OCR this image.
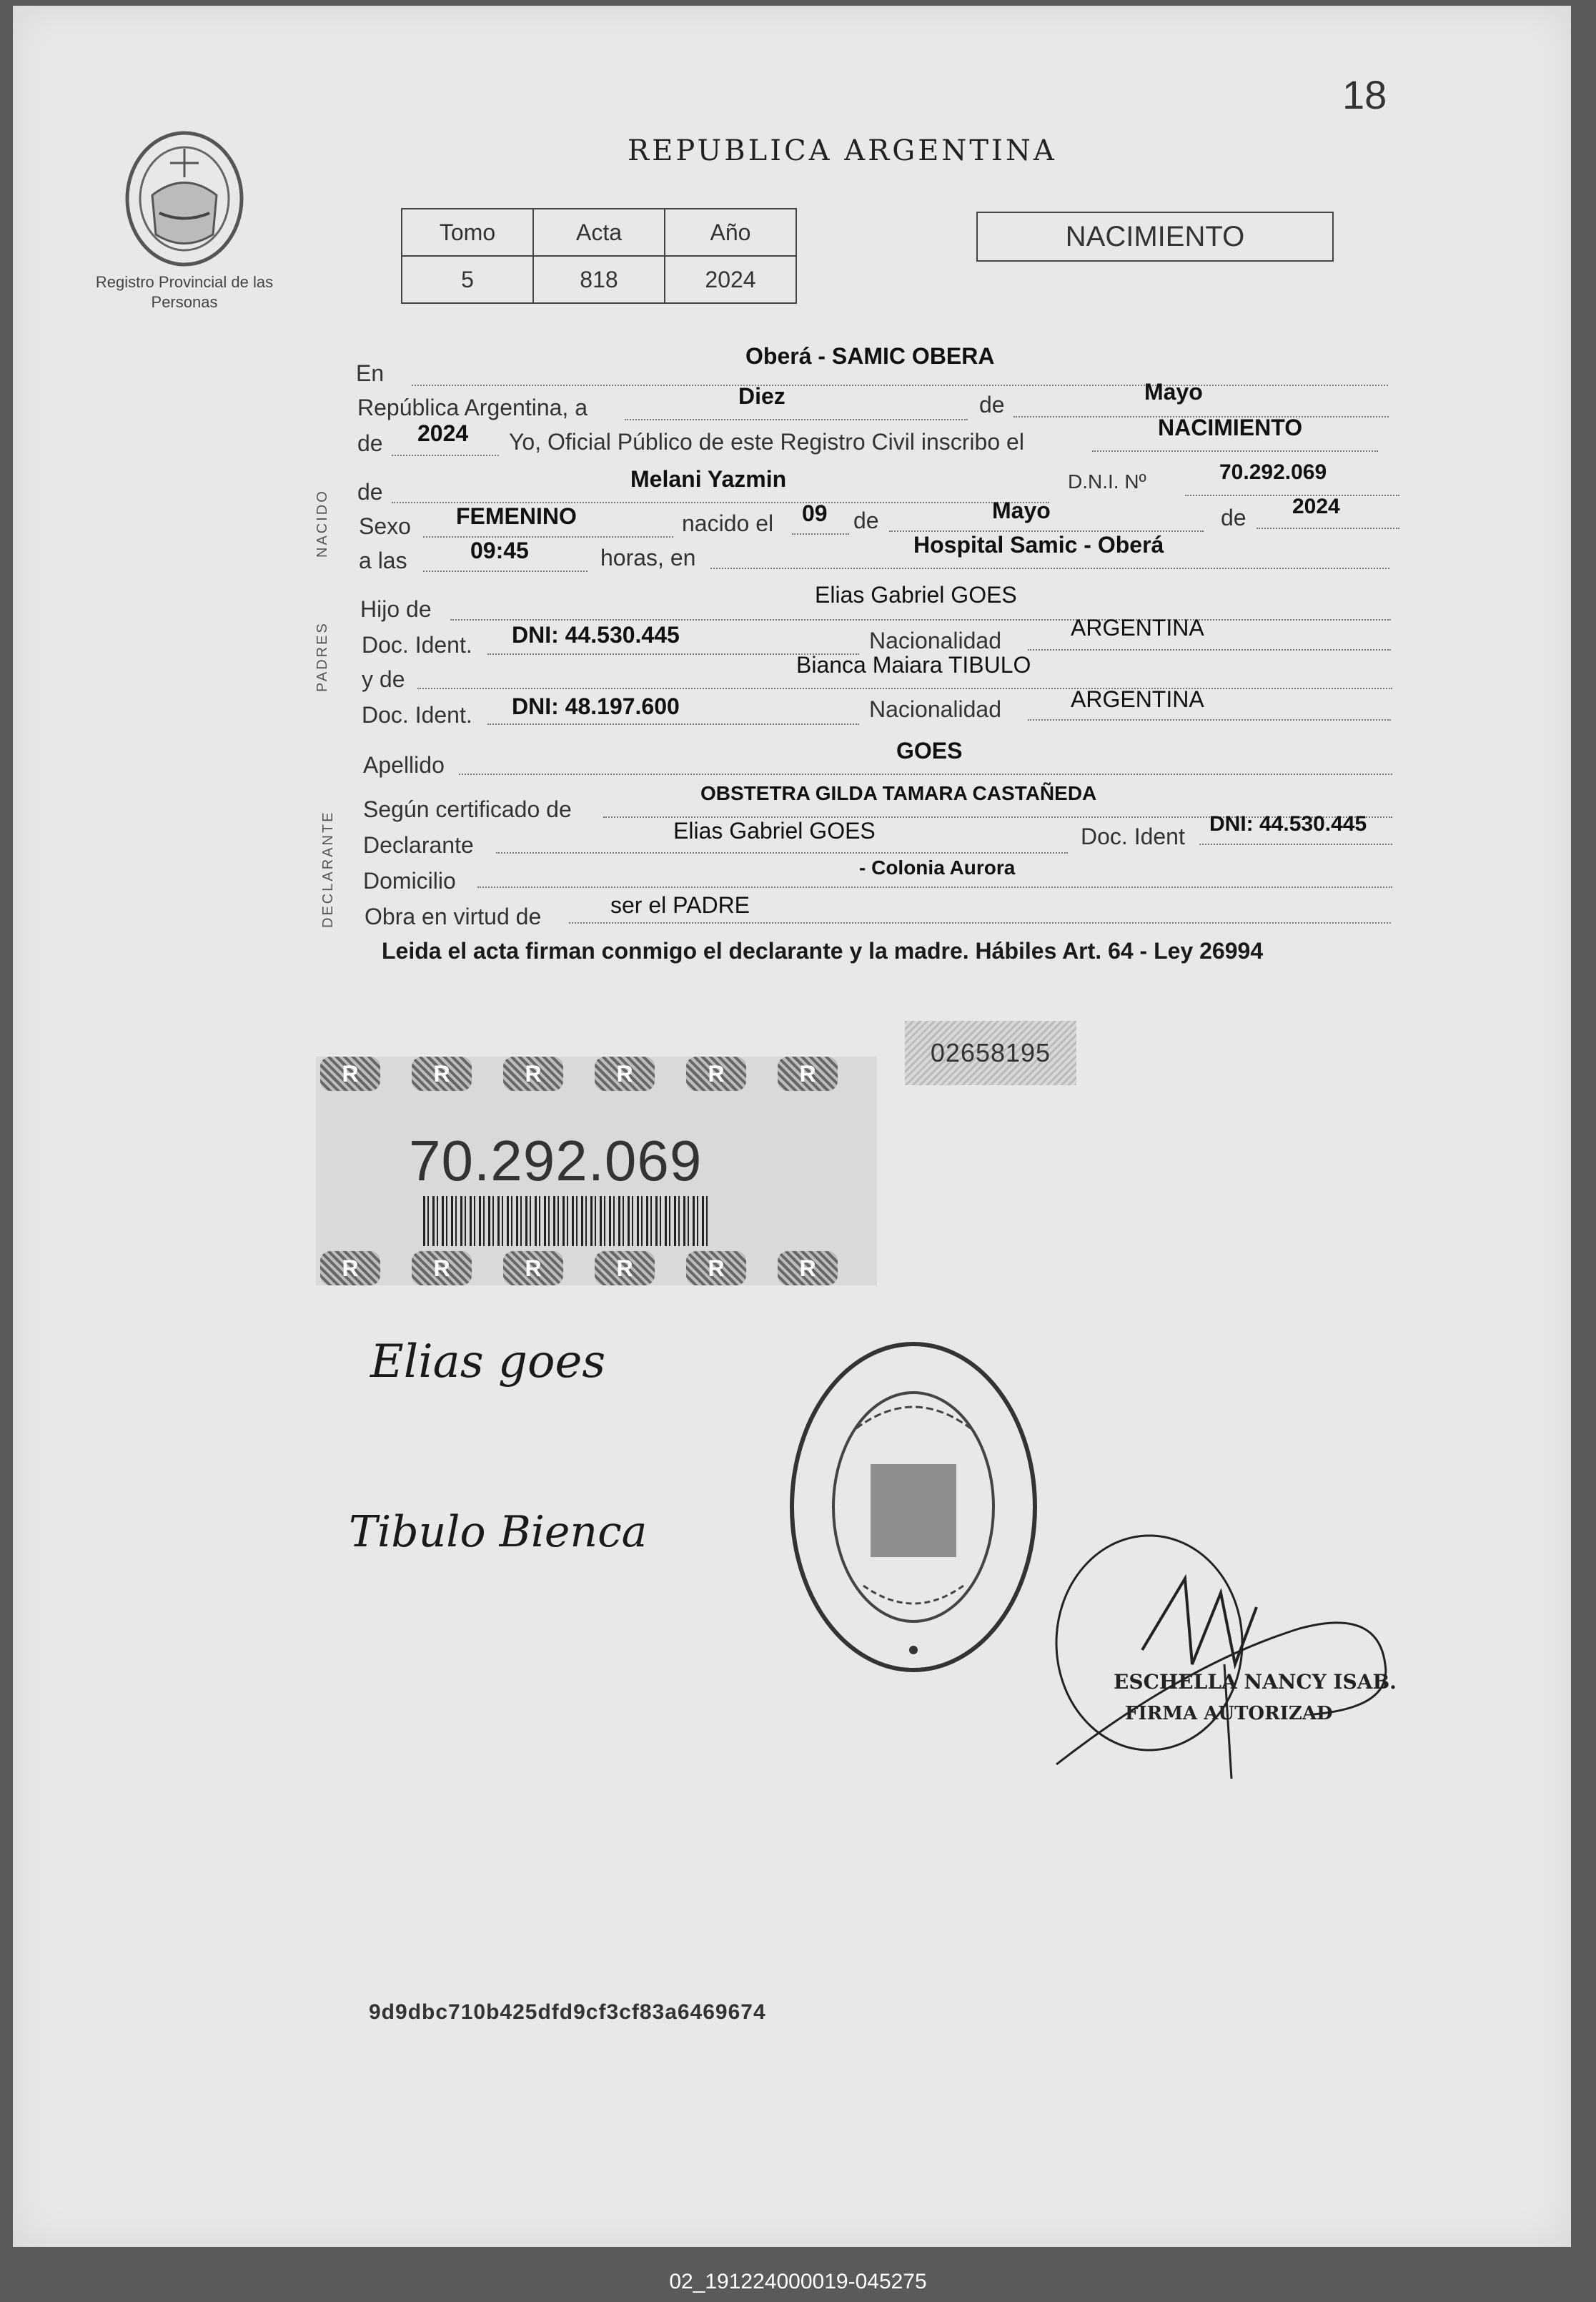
18
Registro Provincial de las Personas
REPUBLICA ARGENTINA
Tomo	Acta	Año
5	818	2024
NACIMIENTO
NACIDO
PADRES
DECLARANTE
En
Oberá - SAMIC OBERA
República Argentina, a	Diez	de	Mayo
de 2024 Yo, Oficial Público de este Registro Civil inscribo el
NACIMIENTO
de	Melani Yazmin	D.N.I. Nº	70.292.069
Sexo FEMENINO	nacido el 09 de	Mayo	de 2024
a las	09:45	horas, en	Hospital Samic - Oberá
Hijo de
Elias Gabriel GOES
Doc. Ident. DNI: 44.530.445	Nacionalidad	ARGENTINA
y de
Bianca Maiara TIBULO
Doc. Ident. DNI: 48.197.600	Nacionalidad	ARGENTINA
Apellido
GOES
Según certificado de
OBSTETRA GILDA TAMARA CASTAÑEDA
Declarante
Elias Gabriel GOES	Doc. Ident DNI: 44.530.445
Domicilio
- Colonia Aurora
Obra en virtud de	ser el PADRE
Leida el acta firman conmigo el declarante y la madre. Hábiles Art. 64 - Ley 26994
02658195
R	R	R	R	R	R
70.292.069
R	R	R	R	R	R
Elias goes
Tibulo Bienca
ESCHELLA NANCY ISAB.
FIRMA AUTORIZAD
9d9dbc710b425dfd9cf3cf83a6469674
02_191224000019-045275
